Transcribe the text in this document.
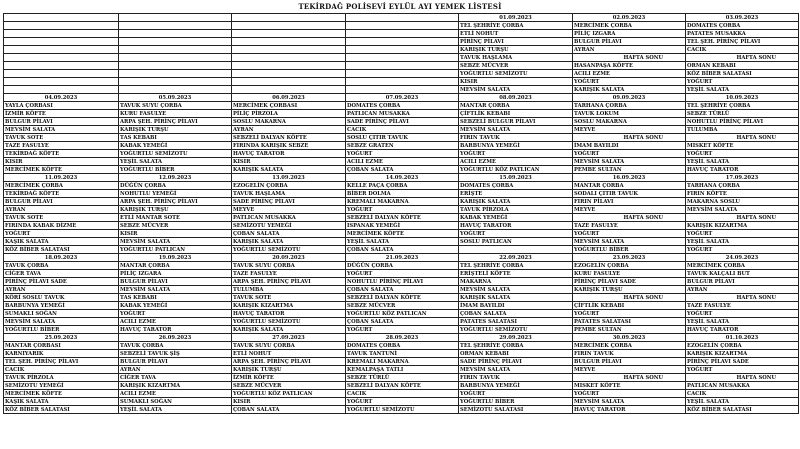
TEKİRDAĞ POLİSEVİ EYLÜL AYI YEMEK LİSTESİ
				01.09.2023	02.09.2023	03.09.2023
				TEL ŞEHRİYE ÇORBA	MERCİMEK ÇORBA	DOMATES ÇORBA
				ETLİ NOHUT	PİLİÇ IZGARA	PATATES MUSAKKA
				PİRİNÇ PİLAVI	BULGUR PİLAVI	TEL ŞEH. PİRİNÇ PİLAVI
				KARIŞIK TURŞU	AYRAN	CACIK
				TAVUK HAŞLAMA	HAFTA SONU	HAFTA SONU
				SEBZE MÜCVER	HASANPAŞA KÖFTE	ORMAN KEBABI
				YOĞURTLU SEMİZOTU	ACILI EZME	KÖZ BİBER SALATASI
				KISIR	YOĞURT	YOĞURT
				MEVSİM SALATA	KARIŞIK SALATA	YEŞİL SALATA
04.09.2023	05.09.2023	06.09.2023	07.09.2023	08.09.2023	09.09.2023	10.09.2023
YAYLA ÇORBASI	TAVUK SUYU ÇORBA	MERCİMEK ÇORBASI	DOMATES ÇORBA	MANTAR ÇORBA	TARHANA ÇORBA	TEL ŞEHRİYE ÇORBA
İZMİR KÖFTE	KURU FASULYE	PİLİÇ PİRZOLA	PATLICAN MUSAKKA	ÇİFTLİK KEBABI	TAVUK LOKUM	SEBZE TÜRLÜ
BULGUR PİLAVI	ARPA ŞEH. PİRİNÇ PİLAVI	SOSLU MAKARNA	SADE PİRİNÇ PİLAVI	SEBZELİ BULGUR PİLAVI	SOSLU MAKARNA	NOHUTLU PİRİNÇ PİLAVI
MEVSİM SALATA	KARIŞIK TURŞU	AYRAN	CACIK	MEVSİM SALATA	MEYVE	TULUMBA
TAVUK SOTE	TAS KEBABI	SEBZELİ DALYAN KÖFTE	SOSLU ÇITIR TAVUK	FIRIN TAVUK	HAFTA SONU	HAFTA SONU
TAZE FASULYE	KABAK YEMEĞİ	FIRINDA KARIŞIK SEBZE	SEBZE GRATEN	BARBUNYA YEMEĞİ	İMAM BAYILDI	MISKET KÖFTE
TEKİRDAĞ KÖFTE	YOĞURTLU SEMİZOTU	HAVUÇ TARATOR	YOĞURT	YOĞURT	YOĞURT	YOĞURT
KISIR	YEŞİL SALATA	KISIR	ACILI EZME	ACILI EZME	MEVSİM SALATA	YEŞİL SALATA
MERCİMEK KÖFTE	YOĞURTLU BİBER	KARIŞIK SALATA	ÇOBAN SALATA	YOĞURTLU KÖZ PATLICAN	PEMBE SULTAN	HAVUÇ TARATOR
11.09.2023	12.09.2023	13.09.2023	14.09.2023	15.09.2023	16.09.2023	17.09.2023
MERCİMEK ÇORBA	DÜĞÜN ÇORBA	EZOGELİN ÇORBA	KELLE PAÇA ÇORBA	DOMATES ÇORBA	MANTAR ÇORBA	TARHANA ÇORBA
TEKİRDAĞ KÖFTE	NOHUTLU YEMEĞİ	TAVUK HAŞLAMA	BİBER DOLMA	ERİŞTE	SODALI ÇITIR TAVUK	FIRIN KÖFTE
BULGUR PİLAVI	ARPA ŞEH. PİRİNÇ PİLAVI	SADE PİRİNÇ PİLAVI	KREMALI MAKARNA	KARIŞIK SALATA	FIRIN PİLAVI	MAKARNA SOSLU
AYRAN	KARIŞIK TURŞU	MEYVE	YOĞURT	TAVUK PİRZOLA	MEYVE	MEVSİM SALATA
TAVUK SOTE	ETLİ MANTAR SOTE	PATLICAN MUSAKKA	SEBZELİ DALYAN KÖFTE	KABAK YEMEĞİ	HAFTA SONU	HAFTA SONU
FIRINDA KABAK DİZME	SEBZE MÜCVER	SEMİZOTU YEMEĞİ	ISPANAK YEMEĞİ	HAVUÇ TARATOR	TAZE FASULYE	KARIŞIK KIZARTMA
YOĞURT	KISIR	ÇOBAN SALATA	MERCİMEK KÖFTE	YOĞURT	YOĞURT	YOĞURT
KAŞIK SALATA	MEVSİM SALATA	KARIŞIK SALATA	YEŞİL SALATA	SOSLU PATLICAN	MEVSİM SALATA	YEŞİL SALATA
KÖZ BİBER SALATASI	YOĞURTLU PATLICAN	YOĞURTLU SEMİZOTU	ÇOBAN SALATA		YOĞURTLU BİBER	YOĞURT
18.09.2023	19.09.2023	20.09.2023	21.09.2023	22.09.2023	23.09.2023	24.09.2023
TAVUK ÇORBA	MANTAR ÇORBA	TAVUK SUYU ÇORBA	DÜĞÜN ÇORBA	TEL ŞEHRİYE ÇORBA	EZOGELİN ÇORBA	MERCİMEK ÇORBA
CİĞER TAVA	PİLİÇ IZGARA	TAZE FASULYE	YOĞURT	ERİŞTELİ KÖFTE	KURU FASULYE	TAVUK KALÇALI BUT
PİRİNÇ PİLAVI SADE	BULGUR PİLAVI	ARPA ŞEH. PİRİNÇ PİLAVI	NOHUTLU PİRİNÇ PİLAVI	MAKARNA	PİRİNÇ PİLAVI SADE	BULGUR PİLAVI
AYRAN	MEVSİM SALATA	TULUMBA	ÇOBAN SALATA	MEVSİM SALATA	KARIŞIK TURŞU	AYRAN
KÖRİ SOSLU TAVUK	TAS KEBABI	TAVUK SOTE	SEBZELİ DALYAN KÖFTE	KARIŞIK SALATA	HAFTA SONU	HAFTA SONU
BARBUNYA YEMEĞİ	KABAK YEMEĞİ	KARIŞIK KIZARTMA	SEBZE MÜCVER	İMAM BAYILDI	ÇİFTLİK KEBABI	TAZE FASULYE
SUMAKLI SOĞAN	YOĞURT	HAVUÇ TARATOR	YOĞURTLU KÖZ PATLICAN	ÇOBAN SALATA	YOĞURT	YOĞURT
MEVSİM SALATA	ACILI EZME	YOĞURTLU SEMİZOTU	ÇOBAN SALATA	PATATES SALATASI	PATATES SALATASI	YEŞİL SALATA
YOĞURTLU BİBER	HAVUÇ TARATOR	KARIŞIK SALATA	YOĞURT	YOĞURTLU SEMİZOTU	PEMBE SULTAN	HAVUÇ TARATOR
25.09.2023	26.09.2023	27.09.2023	28.09.2023	29.09.2023	30.09.2023	01.10.2023
MANTAR ÇORBASI	TAVUK ÇORBA	TAVUK SUYU ÇORBA	DOMATES ÇORBA	TEL ŞEHRİYE ÇORBA	MERCİMEK ÇORBA	EZOGELİN ÇORBA
KARNIYARIK	SEBZELİ TAVUK ŞİŞ	ETLİ NOHUT	TAVUK TANTUNİ	ORMAN KEBABI	FIRIN TAVUK	KARIŞIK KIZARTMA
TEL ŞEH. PİRİNÇ PİLAVI	BULGUR PİLAVI	ARPA ŞEH. PİRİNÇ PİLAVI	KREMALI MAKARNA	SADE PİRİNÇ PİLAVI	BULGUR PİLAVI	PİRİNÇ PİLAVI SADE
CACIK	AYRAN	KARIŞIK TURŞU	KEMALPAŞA TATLI	MEVSİM SALATA	MEYVE	YOĞURT
TAVUK PİRZOLA	CİĞER TAVA	İZMİR KÖFTE	SEBZE TÜRLÜ	FIRIN TAVUK	HAFTA SONU	HAFTA SONU
SEMİZOTU YEMEĞİ	KARIŞIK KIZARTMA	SEBZE MÜCVER	SEBZELİ DALYAN KÖFTE	BARBUNYA YEMEĞİ	MISKET KÖFTE	PATLICAN MUSAKKA
MERCİMEK KÖFTE	ACILI EZME	YOĞURTLU KÖZ PATLICAN	CACIK	YOĞURT	YOĞURT	CACIK
KAŞIK SALATA	SUMAKLI SOĞAN	KISIR	YOĞURT	YOĞURTLU BİBER	MEVSİM SALATA	YEŞİL SALATA
KÖZ BİBER SALATASI	YEŞİL SALATA	ÇOBAN SALATA	YOĞURTLU SEMİZOTU	SEMİZOTU SALATASI	HAVUÇ TARATOR	KÖZ BİBER SALATASI
